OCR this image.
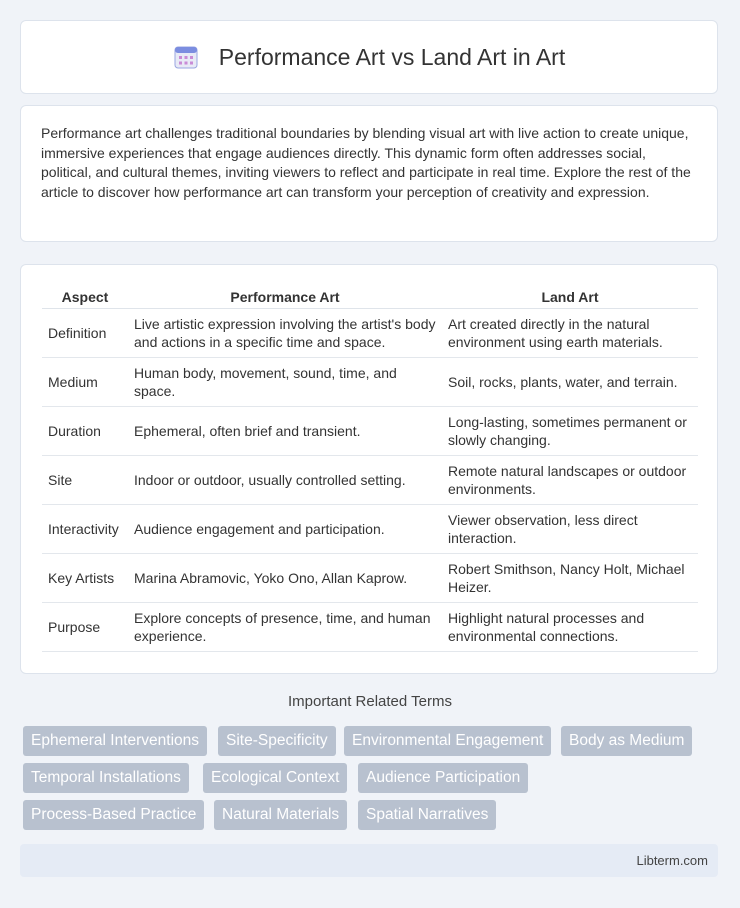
Performance Art vs Land Art in Art

Performance art challenges traditional boundaries by blending visual art with live action to create unique, immersive experiences that engage audiences directly. This dynamic form often addresses social, political, and cultural themes, inviting viewers to reflect and participate in real time. Explore the rest of the article to discover how performance art can transform your perception of creativity and expression.

Aspect	Performance Art	Land Art
Definition	Live artistic expression involving the artist's body and actions in a specific time and space.	Art created directly in the natural environment using earth materials.
Medium	Human body, movement, sound, time, and space.	Soil, rocks, plants, water, and terrain.
Duration	Ephemeral, often brief and transient.	Long-lasting, sometimes permanent or slowly changing.
Site	Indoor or outdoor, usually controlled setting.	Remote natural landscapes or outdoor environments.
Interactivity	Audience engagement and participation.	Viewer observation, less direct interaction.
Key Artists	Marina Abramovic, Yoko Ono, Allan Kaprow.	Robert Smithson, Nancy Holt, Michael Heizer.
Purpose	Explore concepts of presence, time, and human experience.	Highlight natural processes and environmental connections.
Important Related Terms
Ephemeral Interventions	Site-Specificity	Environmental Engagement	Body as Medium
Temporal Installations	Ecological Context	Audience Participation
Process-Based Practice	Natural Materials	Spatial Narratives
Libterm.com
